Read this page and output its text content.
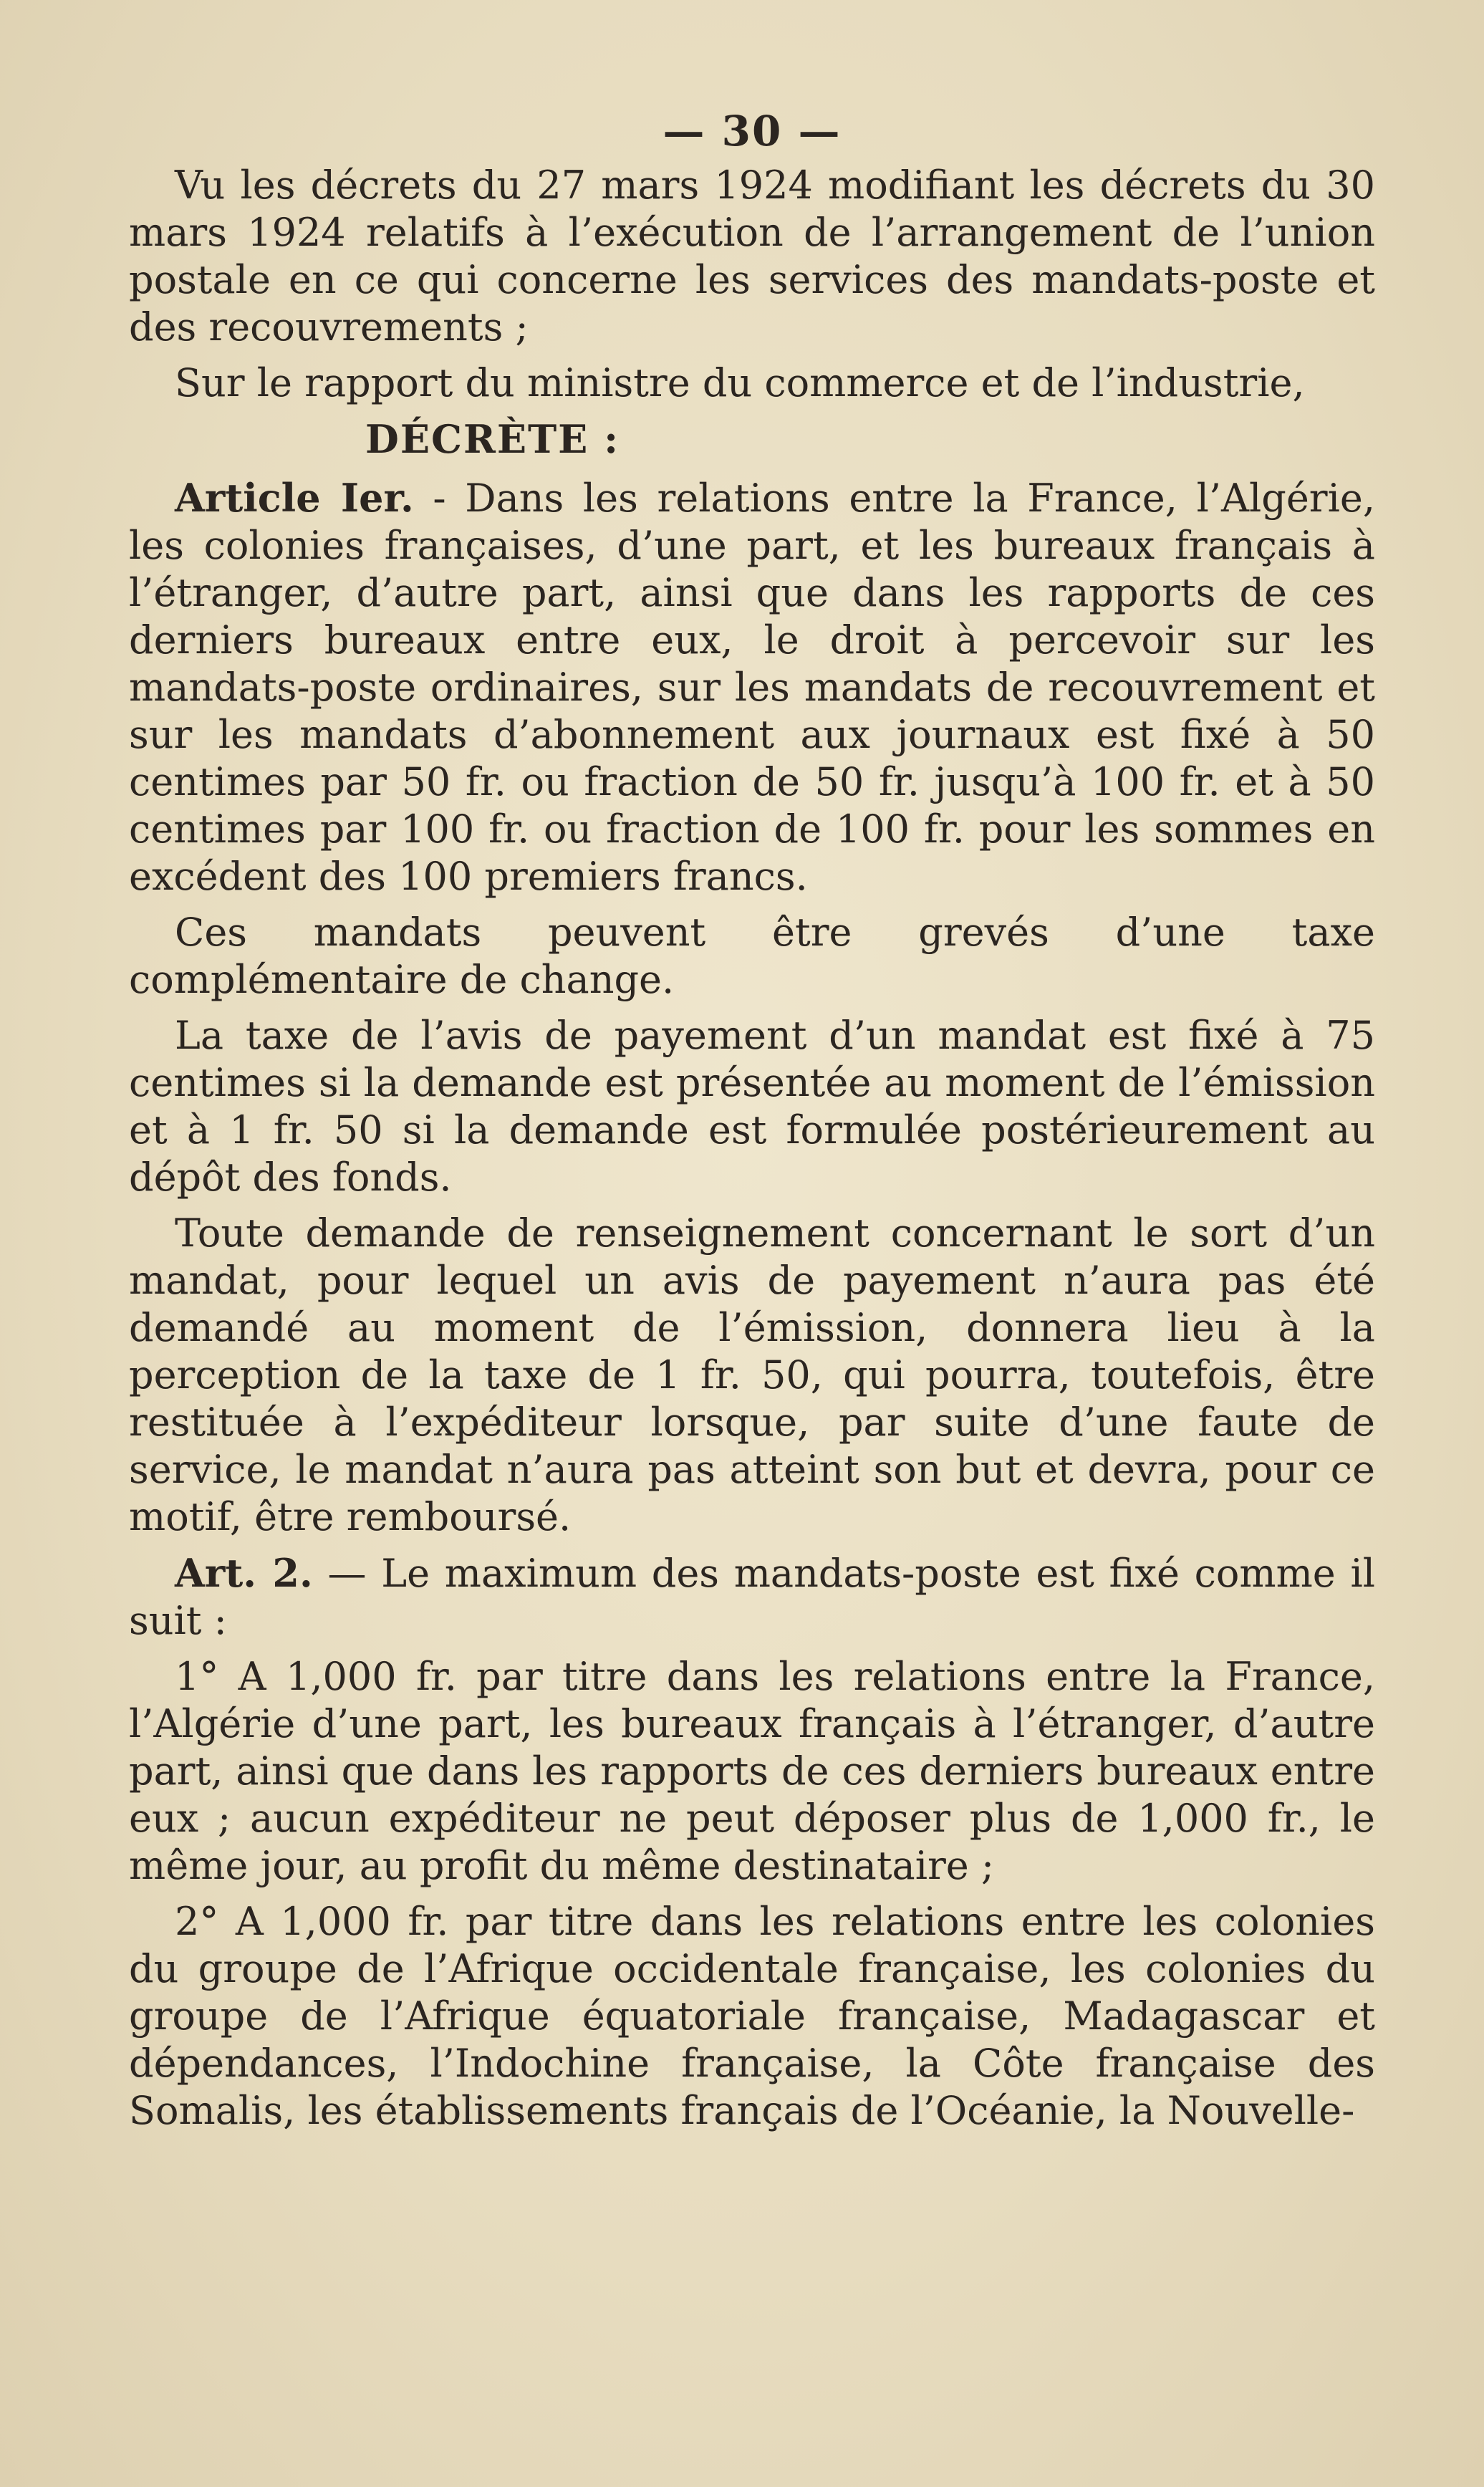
— 30 —

Vu les décrets du 27 mars 1924 modifiant les décrets du 30 mars 1924 relatifs à l’exécution de l’arrangement de l’union postale en ce qui concerne les services des mandats-poste et des recouvrements ;

Sur le rapport du ministre du commerce et de l’industrie,

DÉCRÈTE :

Article Ier. - Dans les relations entre la France, l’Algérie, les colonies françaises, d’une part, et les bureaux français à l’étranger, d’autre part, ainsi que dans les rapports de ces derniers bureaux entre eux, le droit à percevoir sur les mandats-poste ordinaires, sur les mandats de recouvrement et sur les mandats d’abonnement aux journaux est fixé à 50 centimes par 50 fr. ou fraction de 50 fr. jusqu’à 100 fr. et à 50 centimes par 100 fr. ou fraction de 100 fr. pour les sommes en excédent des 100 premiers francs.

Ces mandats peuvent être grevés d’une taxe complémentaire de change.

La taxe de l’avis de payement d’un mandat est fixé à 75 centimes si la demande est présentée au moment de l’émission et à 1 fr. 50 si la demande est formulée postérieurement au dépôt des fonds.

Toute demande de renseignement concernant le sort d’un mandat, pour lequel un avis de payement n’aura pas été demandé au moment de l’émission, donnera lieu à la perception de la taxe de 1 fr. 50, qui pourra, toutefois, être restituée à l’expéditeur lorsque, par suite d’une faute de service, le mandat n’aura pas atteint son but et devra, pour ce motif, être remboursé.

Art. 2. — Le maximum des mandats-poste est fixé comme il suit :

1° A 1,000 fr. par titre dans les relations entre la France, l’Algérie d’une part, les bureaux français à l’étranger, d’autre part, ainsi que dans les rapports de ces derniers bureaux entre eux ; aucun expéditeur ne peut déposer plus de 1,000 fr., le même jour, au profit du même destinataire ;

2° A 1,000 fr. par titre dans les relations entre les colonies du groupe de l’Afrique occidentale française, les colonies du groupe de l’Afrique équatoriale française, Madagascar et dépendances, l’Indochine française, la Côte française des Somalis, les établissements français de l’Océanie, la Nouvelle-
